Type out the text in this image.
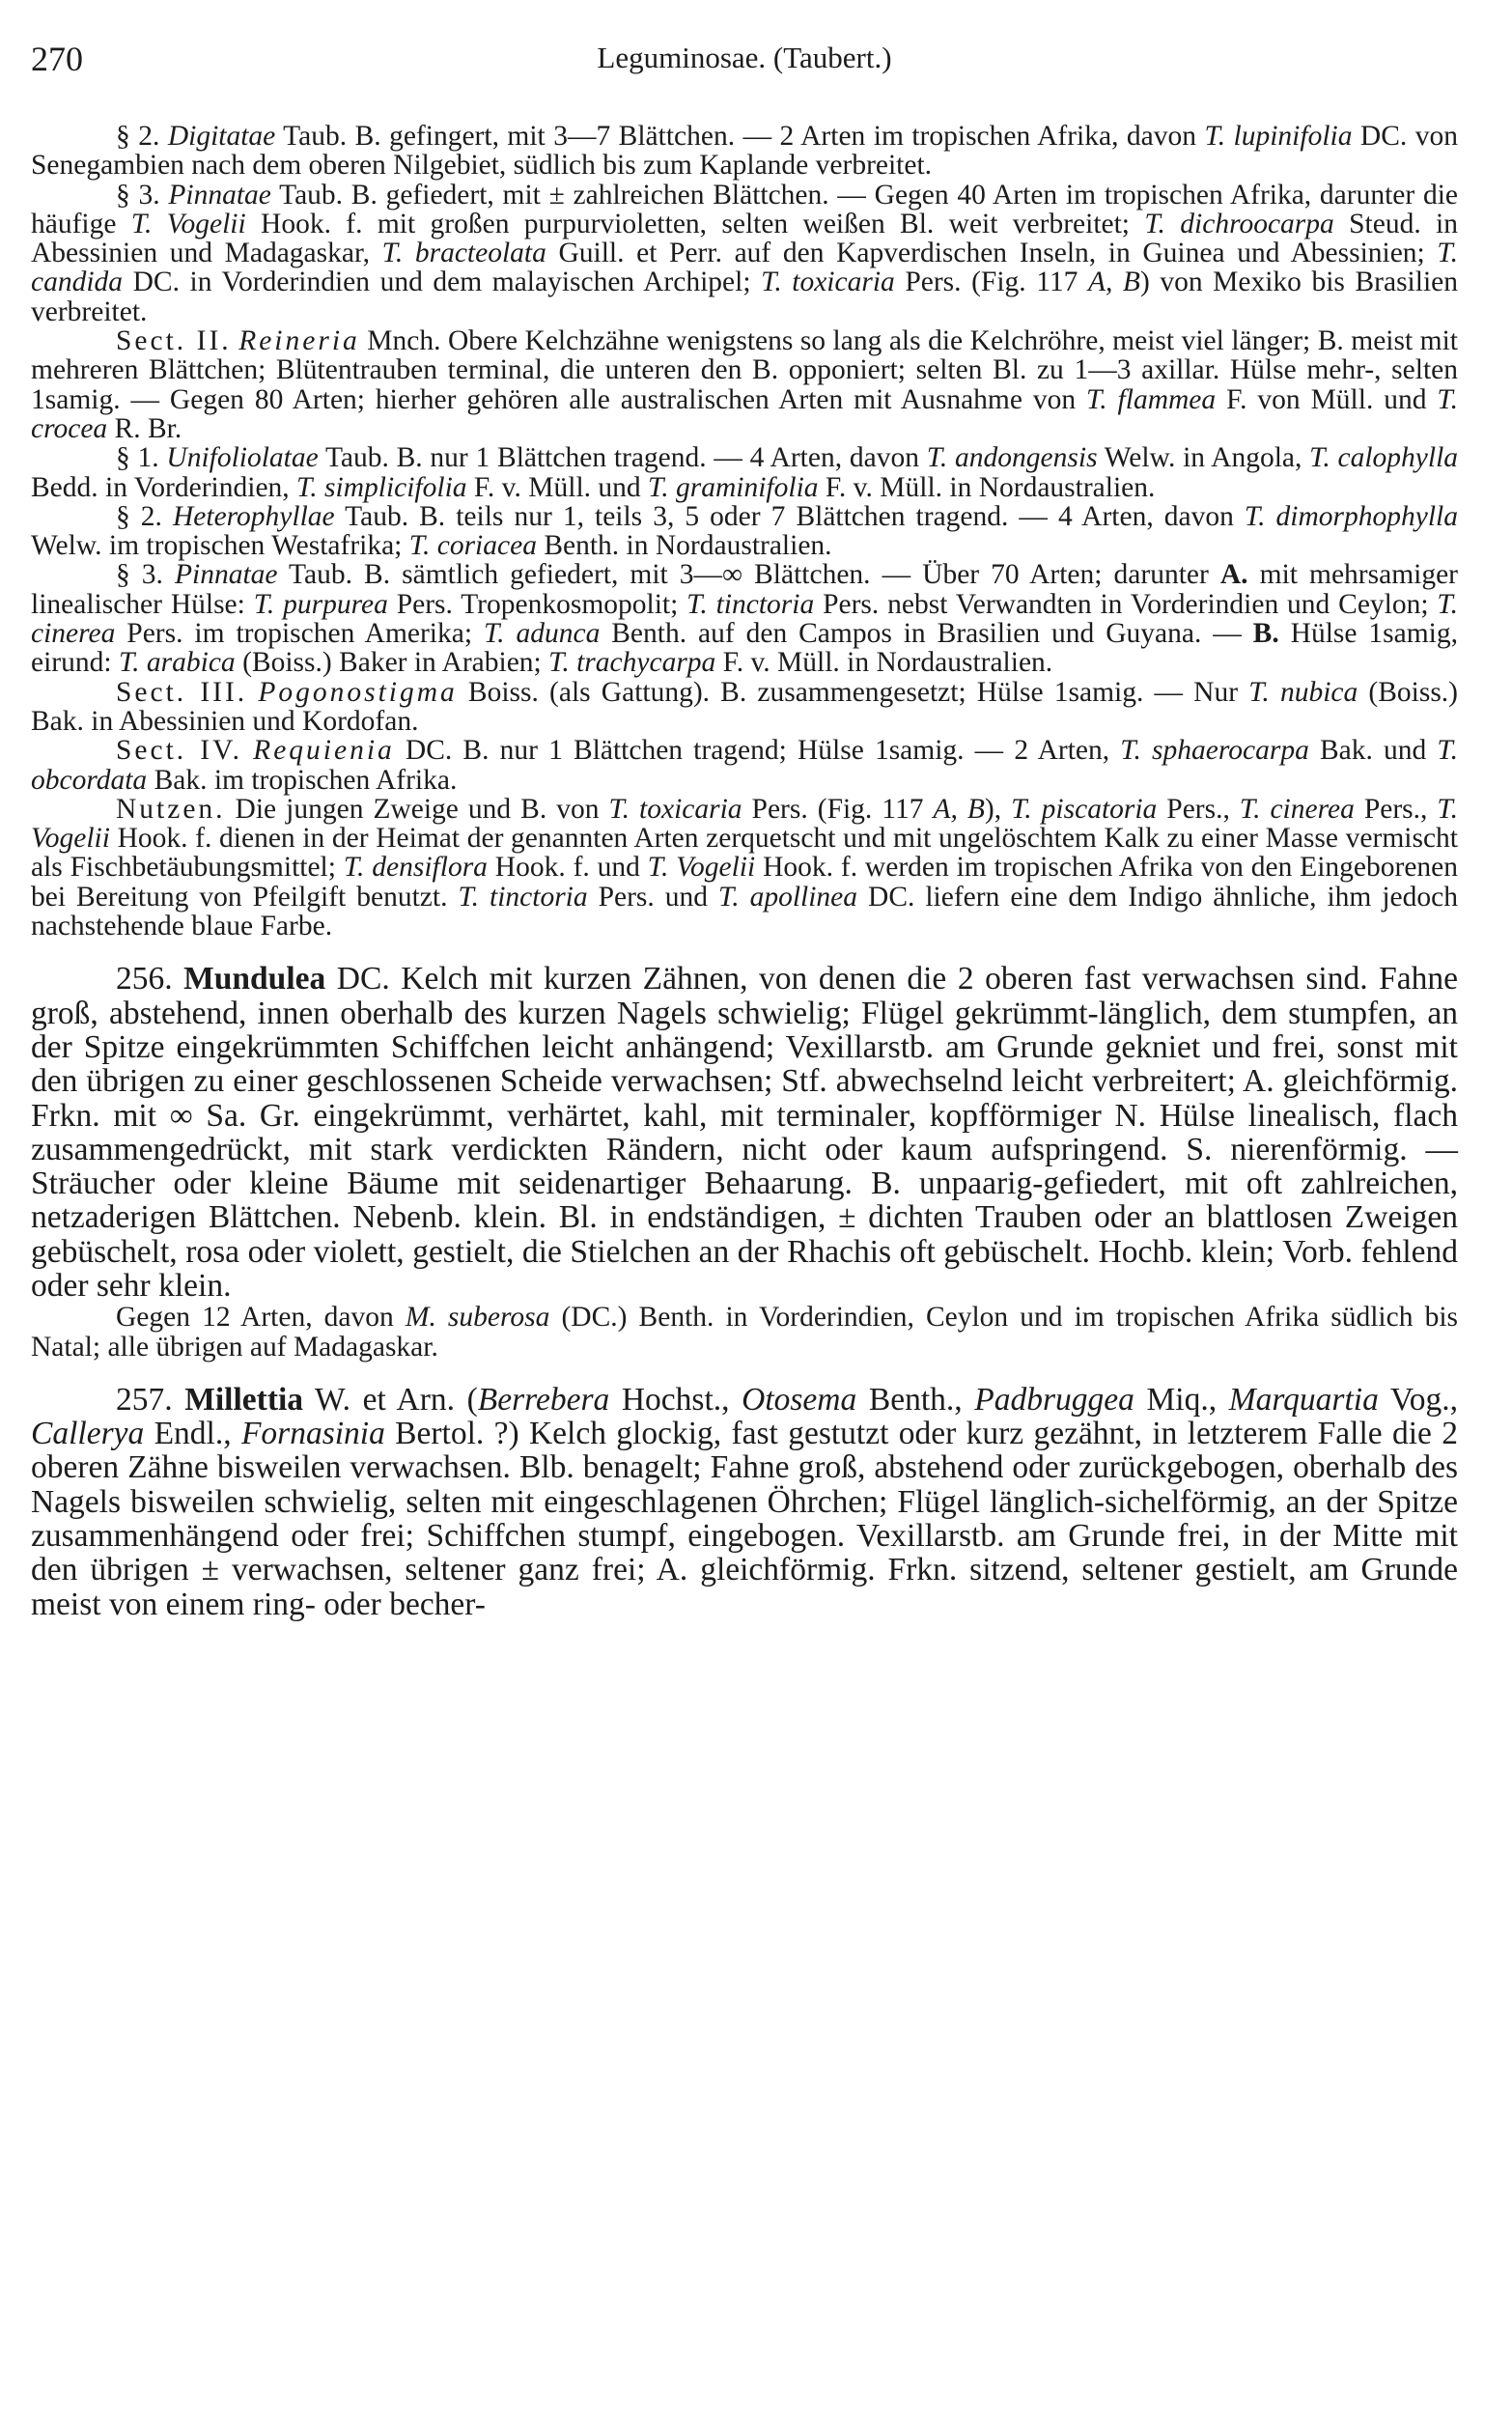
270	Leguminosae. (Taubert.)

§ 2. Digitatae Taub. B. gefingert, mit 3—7 Blättchen. — 2 Arten im tropischen Afrika, davon T. lupinifolia DC. von Senegambien nach dem oberen Nilgebiet, südlich bis zum Kaplande verbreitet.

§ 3. Pinnatae Taub. B. gefiedert, mit ± zahlreichen Blättchen. — Gegen 40 Arten im tropischen Afrika, darunter die häufige T. Vogelii Hook. f. mit großen purpurvioletten, selten weißen Bl. weit verbreitet; T. dichroocarpa Steud. in Abessinien und Madagaskar, T. bracteolata Guill. et Perr. auf den Kapverdischen Inseln, in Guinea und Abessinien; T. candida DC. in Vorderindien und dem malayischen Archipel; T. toxicaria Pers. (Fig. 117 A, B) von Mexiko bis Brasilien verbreitet.

Sect. II. Reineria Mnch. Obere Kelchzähne wenigstens so lang als die Kelchröhre, meist viel länger; B. meist mit mehreren Blättchen; Blütentrauben terminal, die unteren den B. opponiert; selten Bl. zu 1—3 axillar. Hülse mehr-, selten 1samig. — Gegen 80 Arten; hierher gehören alle australischen Arten mit Ausnahme von T. flammea F. von Müll. und T. crocea R. Br.

§ 1. Unifoliolatae Taub. B. nur 1 Blättchen tragend. — 4 Arten, davon T. andongensis Welw. in Angola, T. calophylla Bedd. in Vorderindien, T. simplicifolia F. v. Müll. und T. graminifolia F. v. Müll. in Nordaustralien.

§ 2. Heterophyllae Taub. B. teils nur 1, teils 3, 5 oder 7 Blättchen tragend. — 4 Arten, davon T. dimorphophylla Welw. im tropischen Westafrika; T. coriacea Benth. in Nordaustralien.

§ 3. Pinnatae Taub. B. sämtlich gefiedert, mit 3—∞ Blättchen. — Über 70 Arten; darunter A. mit mehrsamiger linealischer Hülse: T. purpurea Pers. Tropenkosmopolit; T. tinctoria Pers. nebst Verwandten in Vorderindien und Ceylon; T. cinerea Pers. im tropischen Amerika; T. adunca Benth. auf den Campos in Brasilien und Guyana. — B. Hülse 1samig, eirund: T. arabica (Boiss.) Baker in Arabien; T. trachycarpa F. v. Müll. in Nordaustralien.

Sect. III. Pogonostigma Boiss. (als Gattung). B. zusammengesetzt; Hülse 1samig. — Nur T. nubica (Boiss.) Bak. in Abessinien und Kordofan.

Sect. IV. Requienia DC. B. nur 1 Blättchen tragend; Hülse 1samig. — 2 Arten, T. sphaerocarpa Bak. und T. obcordata Bak. im tropischen Afrika.

Nutzen. Die jungen Zweige und B. von T. toxicaria Pers. (Fig. 117 A, B), T. piscatoria Pers., T. cinerea Pers., T. Vogelii Hook. f. dienen in der Heimat der genannten Arten zerquetscht und mit ungelöschtem Kalk zu einer Masse vermischt als Fischbetäubungsmittel; T. densiflora Hook. f. und T. Vogelii Hook. f. werden im tropischen Afrika von den Eingeborenen bei Bereitung von Pfeilgift benutzt. T. tinctoria Pers. und T. apollinea DC. liefern eine dem Indigo ähnliche, ihm jedoch nachstehende blaue Farbe.

256. Mundulea DC. Kelch mit kurzen Zähnen, von denen die 2 oberen fast verwachsen sind. Fahne groß, abstehend, innen oberhalb des kurzen Nagels schwielig; Flügel gekrümmt-länglich, dem stumpfen, an der Spitze eingekrümmten Schiffchen leicht anhängend; Vexillarstb. am Grunde gekniet und frei, sonst mit den übrigen zu einer geschlossenen Scheide verwachsen; Stf. abwechselnd leicht verbreitert; A. gleichförmig. Frkn. mit ∞ Sa. Gr. eingekrümmt, verhärtet, kahl, mit terminaler, kopfförmiger N. Hülse linealisch, flach zusammengedrückt, mit stark verdickten Rändern, nicht oder kaum aufspringend. S. nierenförmig. — Sträucher oder kleine Bäume mit seidenartiger Behaarung. B. unpaarig-gefiedert, mit oft zahlreichen, netzaderigen Blättchen. Nebenb. klein. Bl. in endständigen, ± dichten Trauben oder an blattlosen Zweigen gebüschelt, rosa oder violett, gestielt, die Stielchen an der Rhachis oft gebüschelt. Hochb. klein; Vorb. fehlend oder sehr klein.

Gegen 12 Arten, davon M. suberosa (DC.) Benth. in Vorderindien, Ceylon und im tropischen Afrika südlich bis Natal; alle übrigen auf Madagaskar.

257. Millettia W. et Arn. (Berrebera Hochst., Otosema Benth., Padbruggea Miq., Marquartia Vog., Callerya Endl., Fornasinia Bertol. ?) Kelch glockig, fast gestutzt oder kurz gezähnt, in letzterem Falle die 2 oberen Zähne bisweilen verwachsen. Blb. benagelt; Fahne groß, abstehend oder zurückgebogen, oberhalb des Nagels bisweilen schwielig, selten mit eingeschlagenen Öhrchen; Flügel länglich-sichelförmig, an der Spitze zusammenhängend oder frei; Schiffchen stumpf, eingebogen. Vexillarstb. am Grunde frei, in der Mitte mit den übrigen ± verwachsen, seltener ganz frei; A. gleichförmig. Frkn. sitzend, seltener gestielt, am Grunde meist von einem ring- oder becher-
